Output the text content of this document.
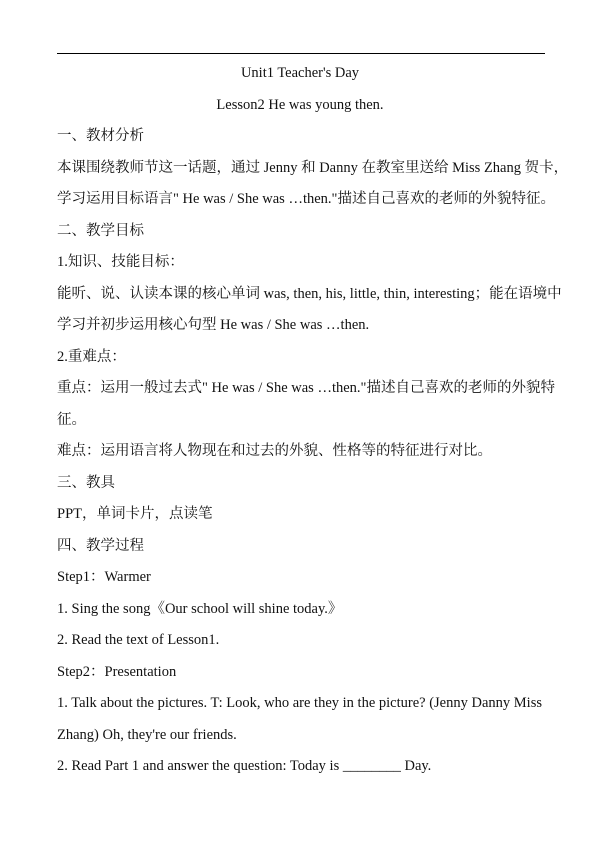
Unit1 Teacher's Day
Lesson2 He was young then.
一、教材分析
本课围绕教师节这一话题，通过 Jenny 和 Danny 在教室里送给 Miss Zhang 贺卡，
学习运用目标语言" He was / She was …then."描述自己喜欢的老师的外貌特征。
二、教学目标
1.知识、技能目标：
能听、说、认读本课的核心单词 was, then, his, little, thin, interesting；能在语境中
学习并初步运用核心句型 He was / She was …then.
2.重难点：
重点：运用一般过去式" He was / She was …then."描述自己喜欢的老师的外貌特
征。
难点：运用语言将人物现在和过去的外貌、性格等的特征进行对比。
三、教具
PPT，单词卡片，点读笔
四、教学过程
Step1：Warmer
1. Sing the song《Our school will shine today.》
2. Read the text of Lesson1.
Step2：Presentation
1. Talk about the pictures. T: Look, who are they in the picture? (Jenny Danny Miss
Zhang) Oh, they're our friends.
2. Read Part 1 and answer the question: Today is ________ Day.
